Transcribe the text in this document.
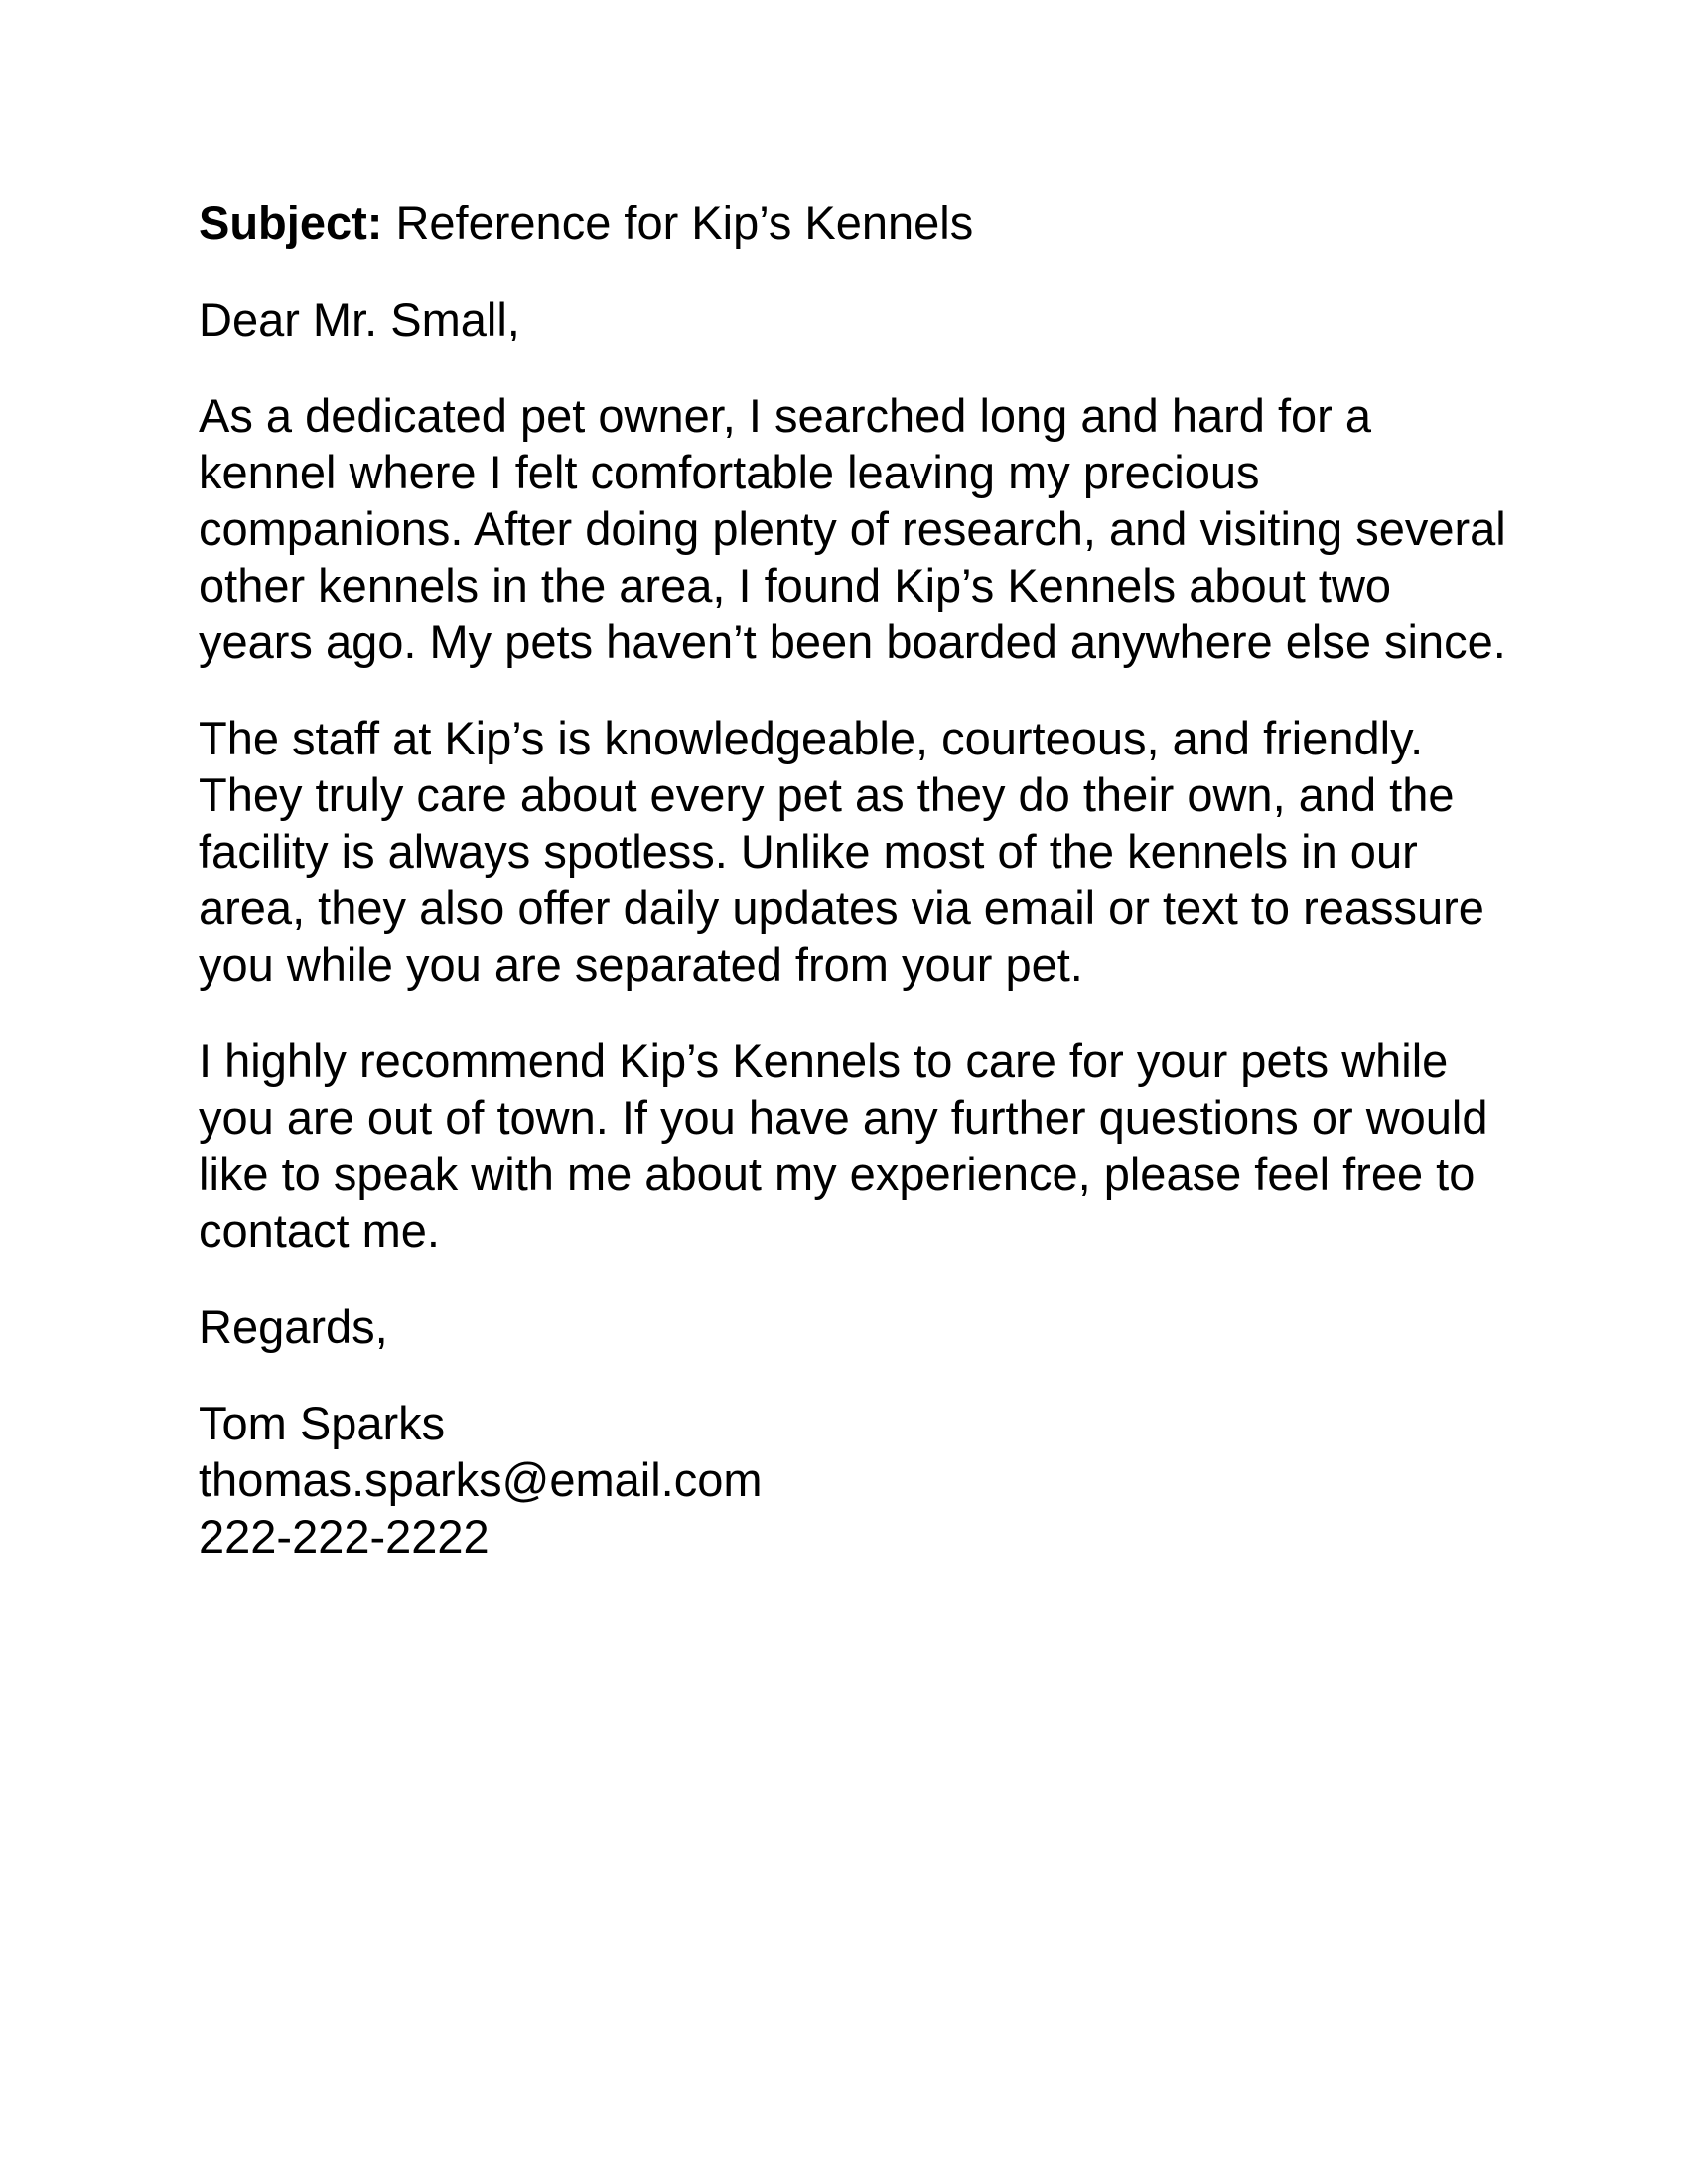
Subject: Reference for Kip’s Kennels

Dear Mr. Small,

As a dedicated pet owner, I searched long and hard for a kennel where I felt comfortable leaving my precious companions. After doing plenty of research, and visiting several other kennels in the area, I found Kip’s Kennels about two years ago. My pets haven’t been boarded anywhere else since.

The staff at Kip’s is knowledgeable, courteous, and friendly. They truly care about every pet as they do their own, and the facility is always spotless. Unlike most of the kennels in our area, they also offer daily updates via email or text to reassure you while you are separated from your pet.

I highly recommend Kip’s Kennels to care for your pets while you are out of town. If you have any further questions or would like to speak with me about my experience, please feel free to contact me.

Regards,

Tom Sparks
thomas.sparks@email.com
222-222-2222
